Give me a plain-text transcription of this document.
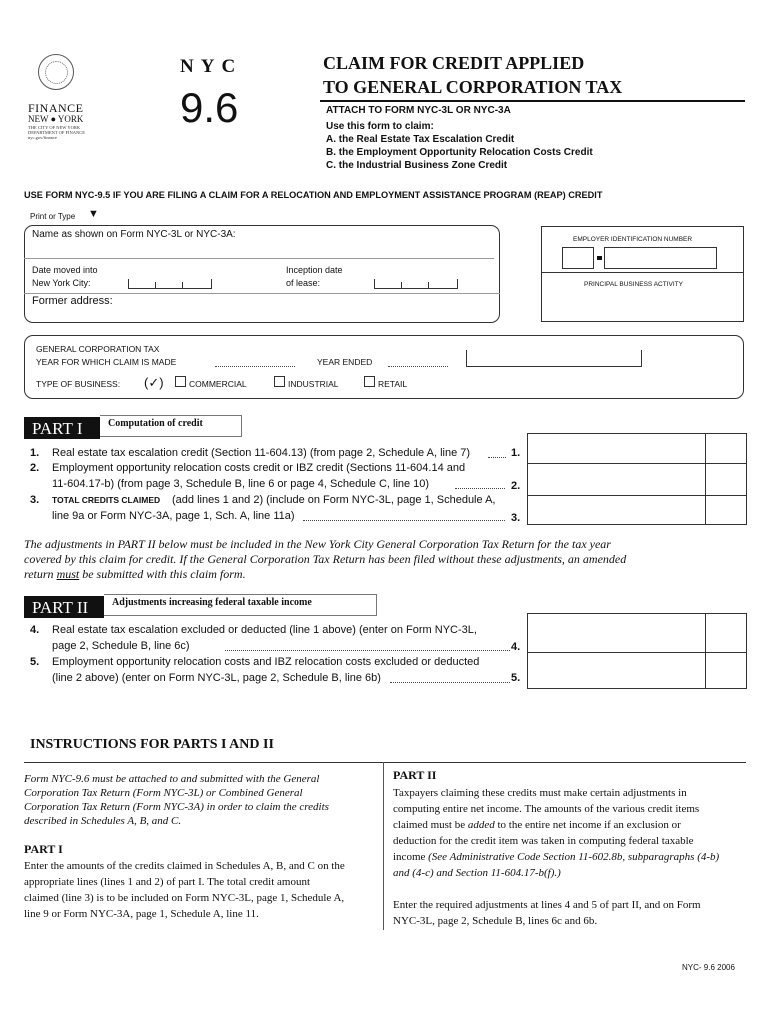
FINANCE
NEW ● YORK
THE CITY OF NEW YORK
DEPARTMENT OF FINANCE
nyc.gov/finance
NYC
9.6
CLAIM FOR CREDIT APPLIED
TO GENERAL CORPORATION TAX
ATTACH TO FORM NYC-3L OR NYC-3A
Use this form to claim:
A. the Real Estate Tax Escalation Credit
B. the Employment Opportunity Relocation Costs Credit
C. the Industrial Business Zone Credit
USE FORM NYC-9.5 IF YOU ARE FILING A CLAIM FOR A RELOCATION AND EMPLOYMENT ASSISTANCE PROGRAM (REAP) CREDIT
Print or Type ▼
Name as shown on Form NYC-3L or NYC-3A:
Date moved into
New York City:
Inception date
of lease:
Former address:
EMPLOYER IDENTIFICATION NUMBER
PRINCIPAL BUSINESS ACTIVITY
GENERAL CORPORATION TAX
YEAR FOR WHICH CLAIM IS MADE	YEAR ENDED
TYPE OF BUSINESS: (✓)	COMMERCIAL	INDUSTRIAL	RETAIL
PART I	Computation of credit
1. Real estate tax escalation credit (Section 11-604.13) (from page 2, Schedule A, line 7)	1.
2. Employment opportunity relocation costs credit or IBZ credit (Sections 11-604.14 and
11-604.17-b) (from page 3, Schedule B, line 6 or page 4, Schedule C, line 10)	2.
3. TOTAL CREDITS CLAIMED (add lines 1 and 2) (include on Form NYC-3L, page 1, Schedule A,
line 9a or Form NYC-3A, page 1, Sch. A, line 11a)	3.
The adjustments in PART II below must be included in the New York City General Corporation Tax Return for the tax year
covered by this claim for credit. If the General Corporation Tax Return has been filed without these adjustments, an amended
return must be submitted with this claim form.
PART II	Adjustments increasing federal taxable income
4. Real estate tax escalation excluded or deducted (line 1 above) (enter on Form NYC-3L,
page 2, Schedule B, line 6c)	4.
5. Employment opportunity relocation costs and IBZ relocation costs excluded or deducted
(line 2 above) (enter on Form NYC-3L, page 2, Schedule B, line 6b)	5.
INSTRUCTIONS FOR PARTS I AND II
Form NYC-9.6 must be attached to and submitted with the General
Corporation Tax Return (Form NYC-3L) or Combined General
Corporation Tax Return (Form NYC-3A) in order to claim the credits
described in Schedules A, B, and C.
PART I
Enter the amounts of the credits claimed in Schedules A, B, and C on the
appropriate lines (lines 1 and 2) of part I. The total credit amount
claimed (line 3) is to be included on Form NYC-3L, page 1, Schedule A,
line 9 or Form NYC-3A, page 1, Schedule A, line 11.
PART II
Taxpayers claiming these credits must make certain adjustments in
computing entire net income. The amounts of the various credit items
claimed must be added to the entire net income if an exclusion or
deduction for the credit item was taken in computing federal taxable
income (See Administrative Code Section 11-602.8b, subparagraphs (4-b)
and (4-c) and Section 11-604.17-b(f).)
Enter the required adjustments at lines 4 and 5 of part II, and on Form
NYC-3L, page 2, Schedule B, lines 6c and 6b.
NYC- 9.6 2006
